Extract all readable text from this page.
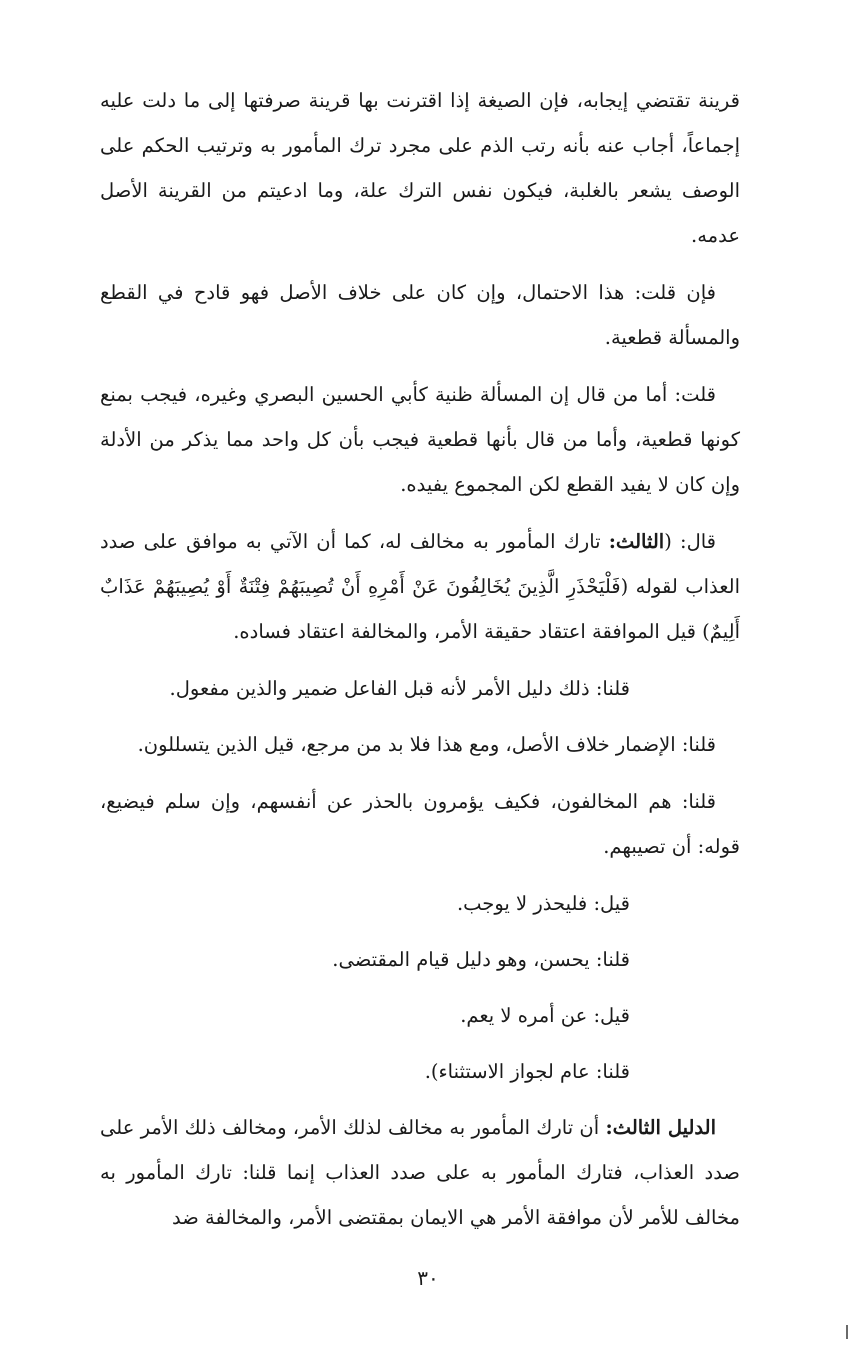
قرينة تقتضي إيجابه، فإن الصيغة إذا اقترنت بها قرينة صرفتها إلى ما دلت عليه إجماعاً، أجاب عنه بأنه رتب الذم على مجرد ترك المأمور به وترتيب الحكم على الوصف يشعر بالغلبة، فيكون نفس الترك علة، وما ادعيتم من القرينة الأصل عدمه.

فإن قلت: هذا الاحتمال، وإن كان على خلاف الأصل فهو قادح في القطع والمسألة قطعية.

قلت: أما من قال إن المسألة ظنية كأبي الحسين البصري وغيره، فيجب بمنع كونها قطعية، وأما من قال بأنها قطعية فيجب بأن كل واحد مما يذكر من الأدلة وإن كان لا يفيد القطع لكن المجموع يفيده.

قال: (الثالث: تارك المأمور به مخالف له، كما أن الآتي به موافق على صدد العذاب لقوله (فَلْيَحْذَرِ الَّذِينَ يُخَالِفُونَ عَنْ أَمْرِهِ أَنْ تُصِيبَهُمْ فِتْنَةٌ أَوْ يُصِيبَهُمْ عَذَابٌ أَلِيمٌ) قيل الموافقة اعتقاد حقيقة الأمر، والمخالفة اعتقاد فساده.

قلنا: ذلك دليل الأمر لأنه قبل الفاعل ضمير والذين مفعول.

قلنا: الإضمار خلاف الأصل، ومع هذا فلا بد من مرجع، قيل الذين يتسللون.

قلنا: هم المخالفون، فكيف يؤمرون بالحذر عن أنفسهم، وإن سلم فيضيع، قوله: أن تصيبهم.

قيل: فليحذر لا يوجب.

قلنا: يحسن، وهو دليل قيام المقتضى.

قيل: عن أمره لا يعم.

قلنا: عام لجواز الاستثناء).

الدليل الثالث: أن تارك المأمور به مخالف لذلك الأمر، ومخالف ذلك الأمر على صدد العذاب، فتارك المأمور به على صدد العذاب إنما قلنا: تارك المأمور به مخالف للأمر لأن موافقة الأمر هي الايمان بمقتضى الأمر، والمخالفة ضد

٣٠
